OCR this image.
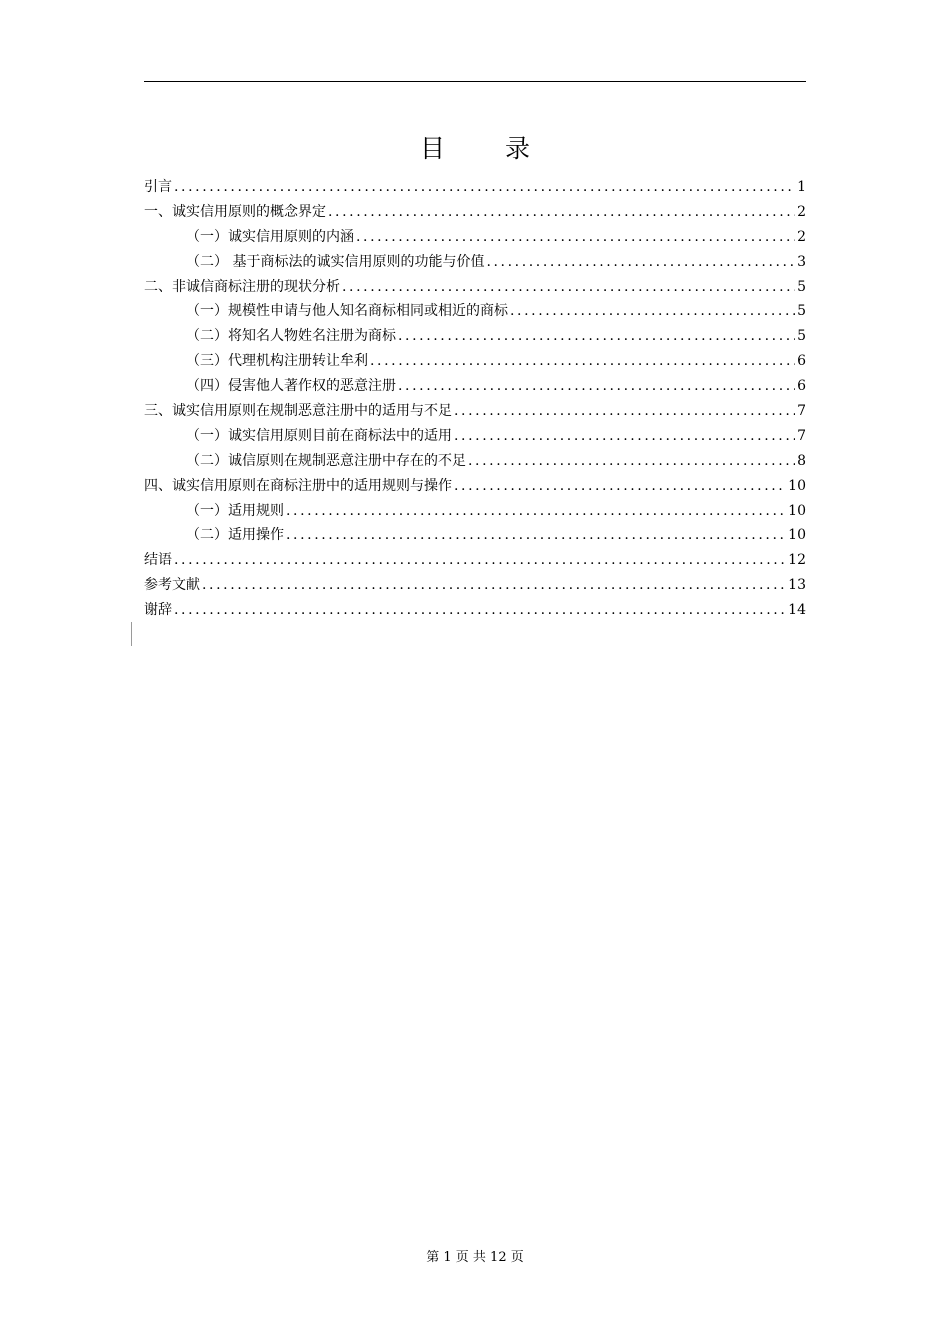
目 录
引言 .....	1
一、诚实信用原则的概念界定 .....	2
（一）诚实信用原则的内涵 .....	2
（二） 基于商标法的诚实信用原则的功能与价值 .....	3
二、非诚信商标注册的现状分析 .....	5
（一）规模性申请与他人知名商标相同或相近的商标 .....	5
（二）将知名人物姓名注册为商标 .....	5
（三）代理机构注册转让牟利 .....	6
（四）侵害他人著作权的恶意注册 .....	6
三、诚实信用原则在规制恶意注册中的适用与不足 .....	7
（一）诚实信用原则目前在商标法中的适用 .....	7
（二）诚信原则在规制恶意注册中存在的不足 .....	8
四、诚实信用原则在商标注册中的适用规则与操作 .....	10
（一）适用规则 .....	10
（二）适用操作 .....	10
结语 .....	12
参考文献 .....	13
谢辞 .....	14
第 1 页 共 12 页
